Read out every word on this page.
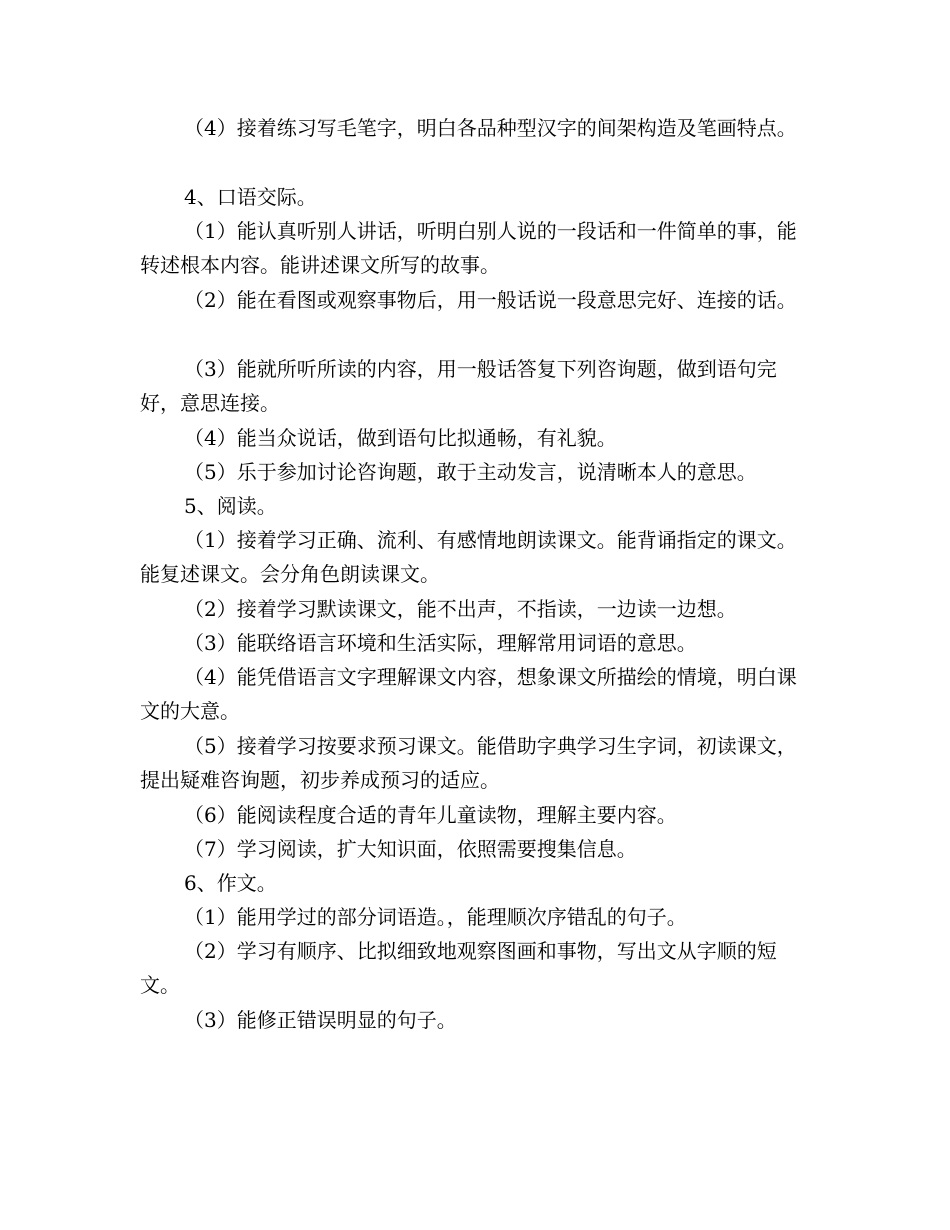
（4）接着练习写毛笔字，明白各品种型汉字的间架构造及笔画特点。

4、口语交际。

（1）能认真听别人讲话，听明白别人说的一段话和一件简单的事，能转述根本内容。能讲述课文所写的故事。

（2）能在看图或观察事物后，用一般话说一段意思完好、连接的话。

（3）能就所听所读的内容，用一般话答复下列咨询题，做到语句完好，意思连接。

（4）能当众说话，做到语句比拟通畅，有礼貌。

（5）乐于参加讨论咨询题，敢于主动发言，说清晰本人的意思。

5、阅读。

（1）接着学习正确、流利、有感情地朗读课文。能背诵指定的课文。能复述课文。会分角色朗读课文。

（2）接着学习默读课文，能不出声，不指读，一边读一边想。

（3）能联络语言环境和生活实际，理解常用词语的意思。

（4）能凭借语言文字理解课文内容，想象课文所描绘的情境，明白课文的大意。

（5）接着学习按要求预习课文。能借助字典学习生字词，初读课文，提出疑难咨询题，初步养成预习的适应。

（6）能阅读程度合适的青年儿童读物，理解主要内容。

（7）学习阅读，扩大知识面，依照需要搜集信息。

6、作文。

（1）能用学过的部分词语造。，能理顺次序错乱的句子。

（2）学习有顺序、比拟细致地观察图画和事物，写出文从字顺的短文。

（3）能修正错误明显的句子。
